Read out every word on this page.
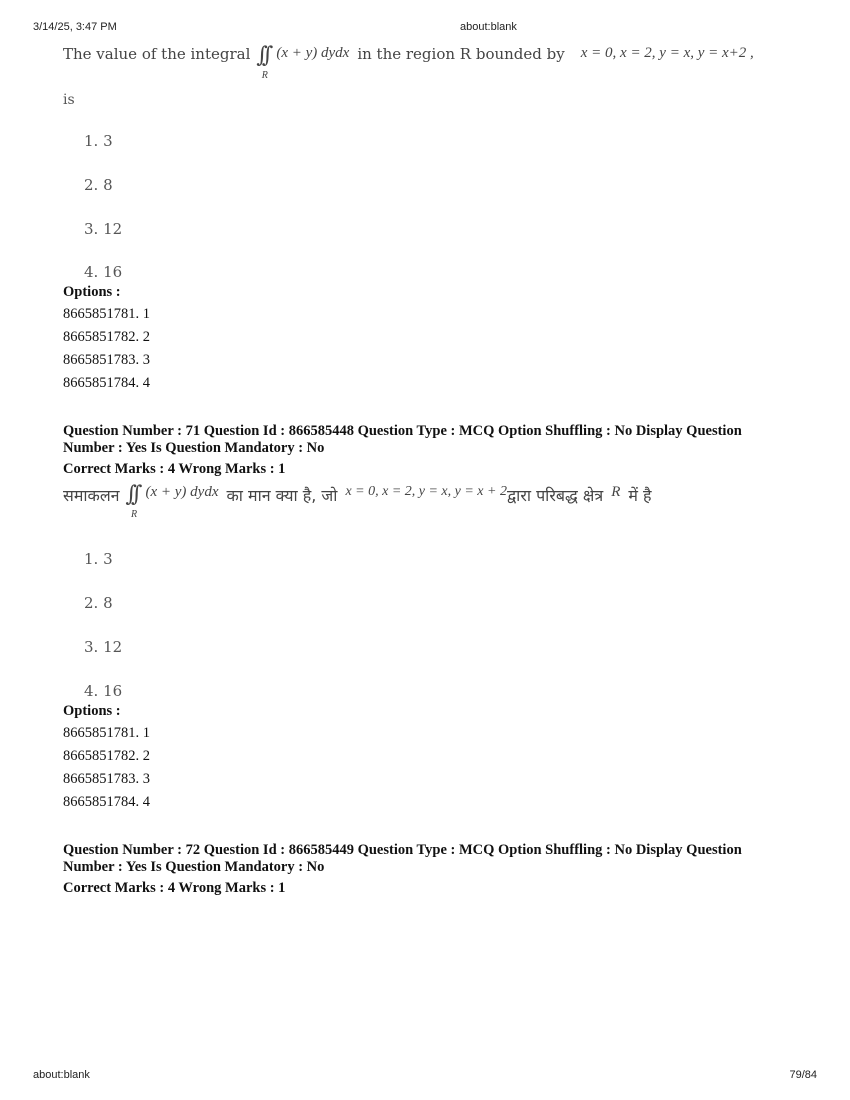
3/14/25, 3:47 PM	about:blank
The value of the integral ∫∫
R
(x + y) dydx in the region R bounded by x = 0, x = 2, y = x, y = x+2 ,
is
1. 3
2. 8
3. 12
4. 16
Options :
8665851781. 1
8665851782. 2
8665851783. 3
8665851784. 4
Question Number : 71 Question Id : 866585448 Question Type : MCQ Option Shuffling : No Display Question
Number : Yes Is Question Mandatory : No
Correct Marks : 4 Wrong Marks : 1
समाकलन ∫∫
R
(x + y) dydx का मान क्या है, जो x = 0, x = 2, y = x, y = x + 2 द्वारा परिबद्ध क्षेत्र R में है
1. 3
2. 8
3. 12
4. 16
Options :
8665851781. 1
8665851782. 2
8665851783. 3
8665851784. 4
Question Number : 72 Question Id : 866585449 Question Type : MCQ Option Shuffling : No Display Question
Number : Yes Is Question Mandatory : No
Correct Marks : 4 Wrong Marks : 1
about:blank	79/84
